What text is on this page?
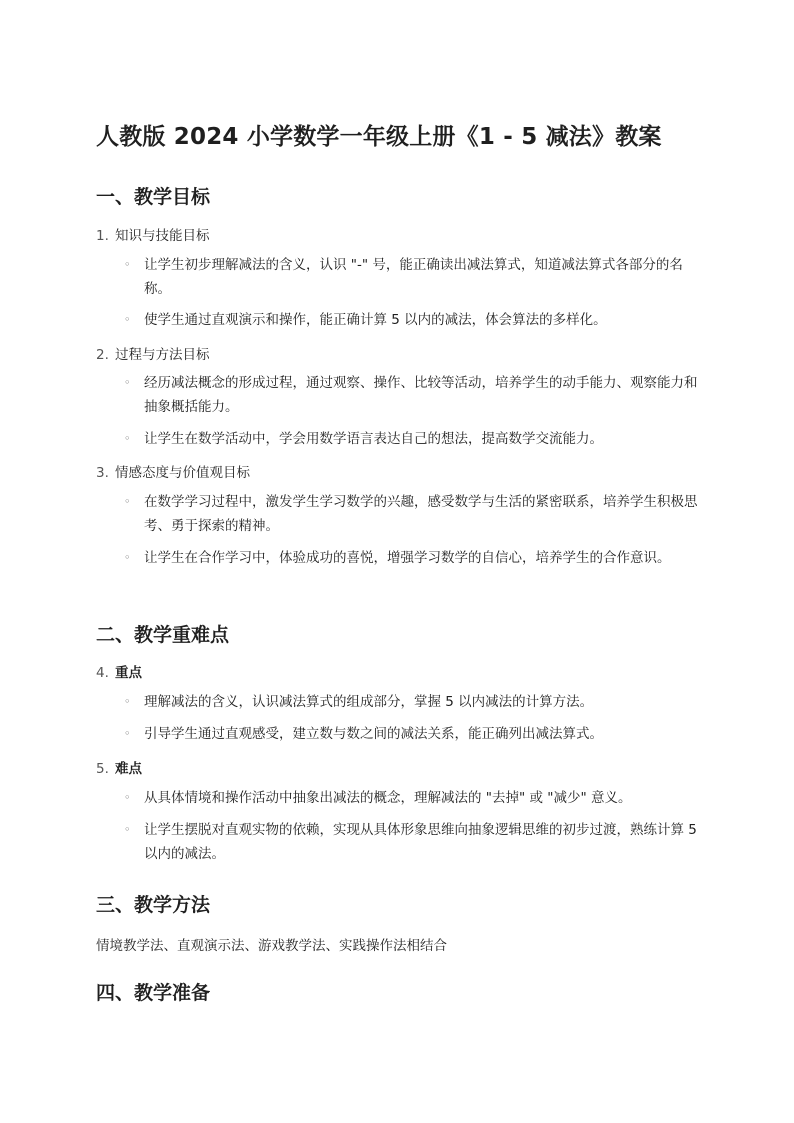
人教版 2024 小学数学一年级上册《1 - 5 减法》教案
一、教学目标
1. 知识与技能目标
◦ 让学生初步理解减法的含义，认识 "-" 号，能正确读出减法算式，知道减法算式各部分的名称。
◦ 使学生通过直观演示和操作，能正确计算 5 以内的减法，体会算法的多样化。
2. 过程与方法目标
◦ 经历减法概念的形成过程，通过观察、操作、比较等活动，培养学生的动手能力、观察能力和抽象概括能力。
◦ 让学生在数学活动中，学会用数学语言表达自己的想法，提高数学交流能力。
3. 情感态度与价值观目标
◦ 在数学学习过程中，激发学生学习数学的兴趣，感受数学与生活的紧密联系，培养学生积极思考、勇于探索的精神。
◦ 让学生在合作学习中，体验成功的喜悦，增强学习数学的自信心，培养学生的合作意识。
二、教学重难点
4. 重点
◦ 理解减法的含义，认识减法算式的组成部分，掌握 5 以内减法的计算方法。
◦ 引导学生通过直观感受，建立数与数之间的减法关系，能正确列出减法算式。
5. 难点
◦ 从具体情境和操作活动中抽象出减法的概念，理解减法的 "去掉" 或 "减少" 意义。
◦ 让学生摆脱对直观实物的依赖，实现从具体形象思维向抽象逻辑思维的初步过渡，熟练计算 5 以内的减法。
三、教学方法
情境教学法、直观演示法、游戏教学法、实践操作法相结合
四、教学准备
